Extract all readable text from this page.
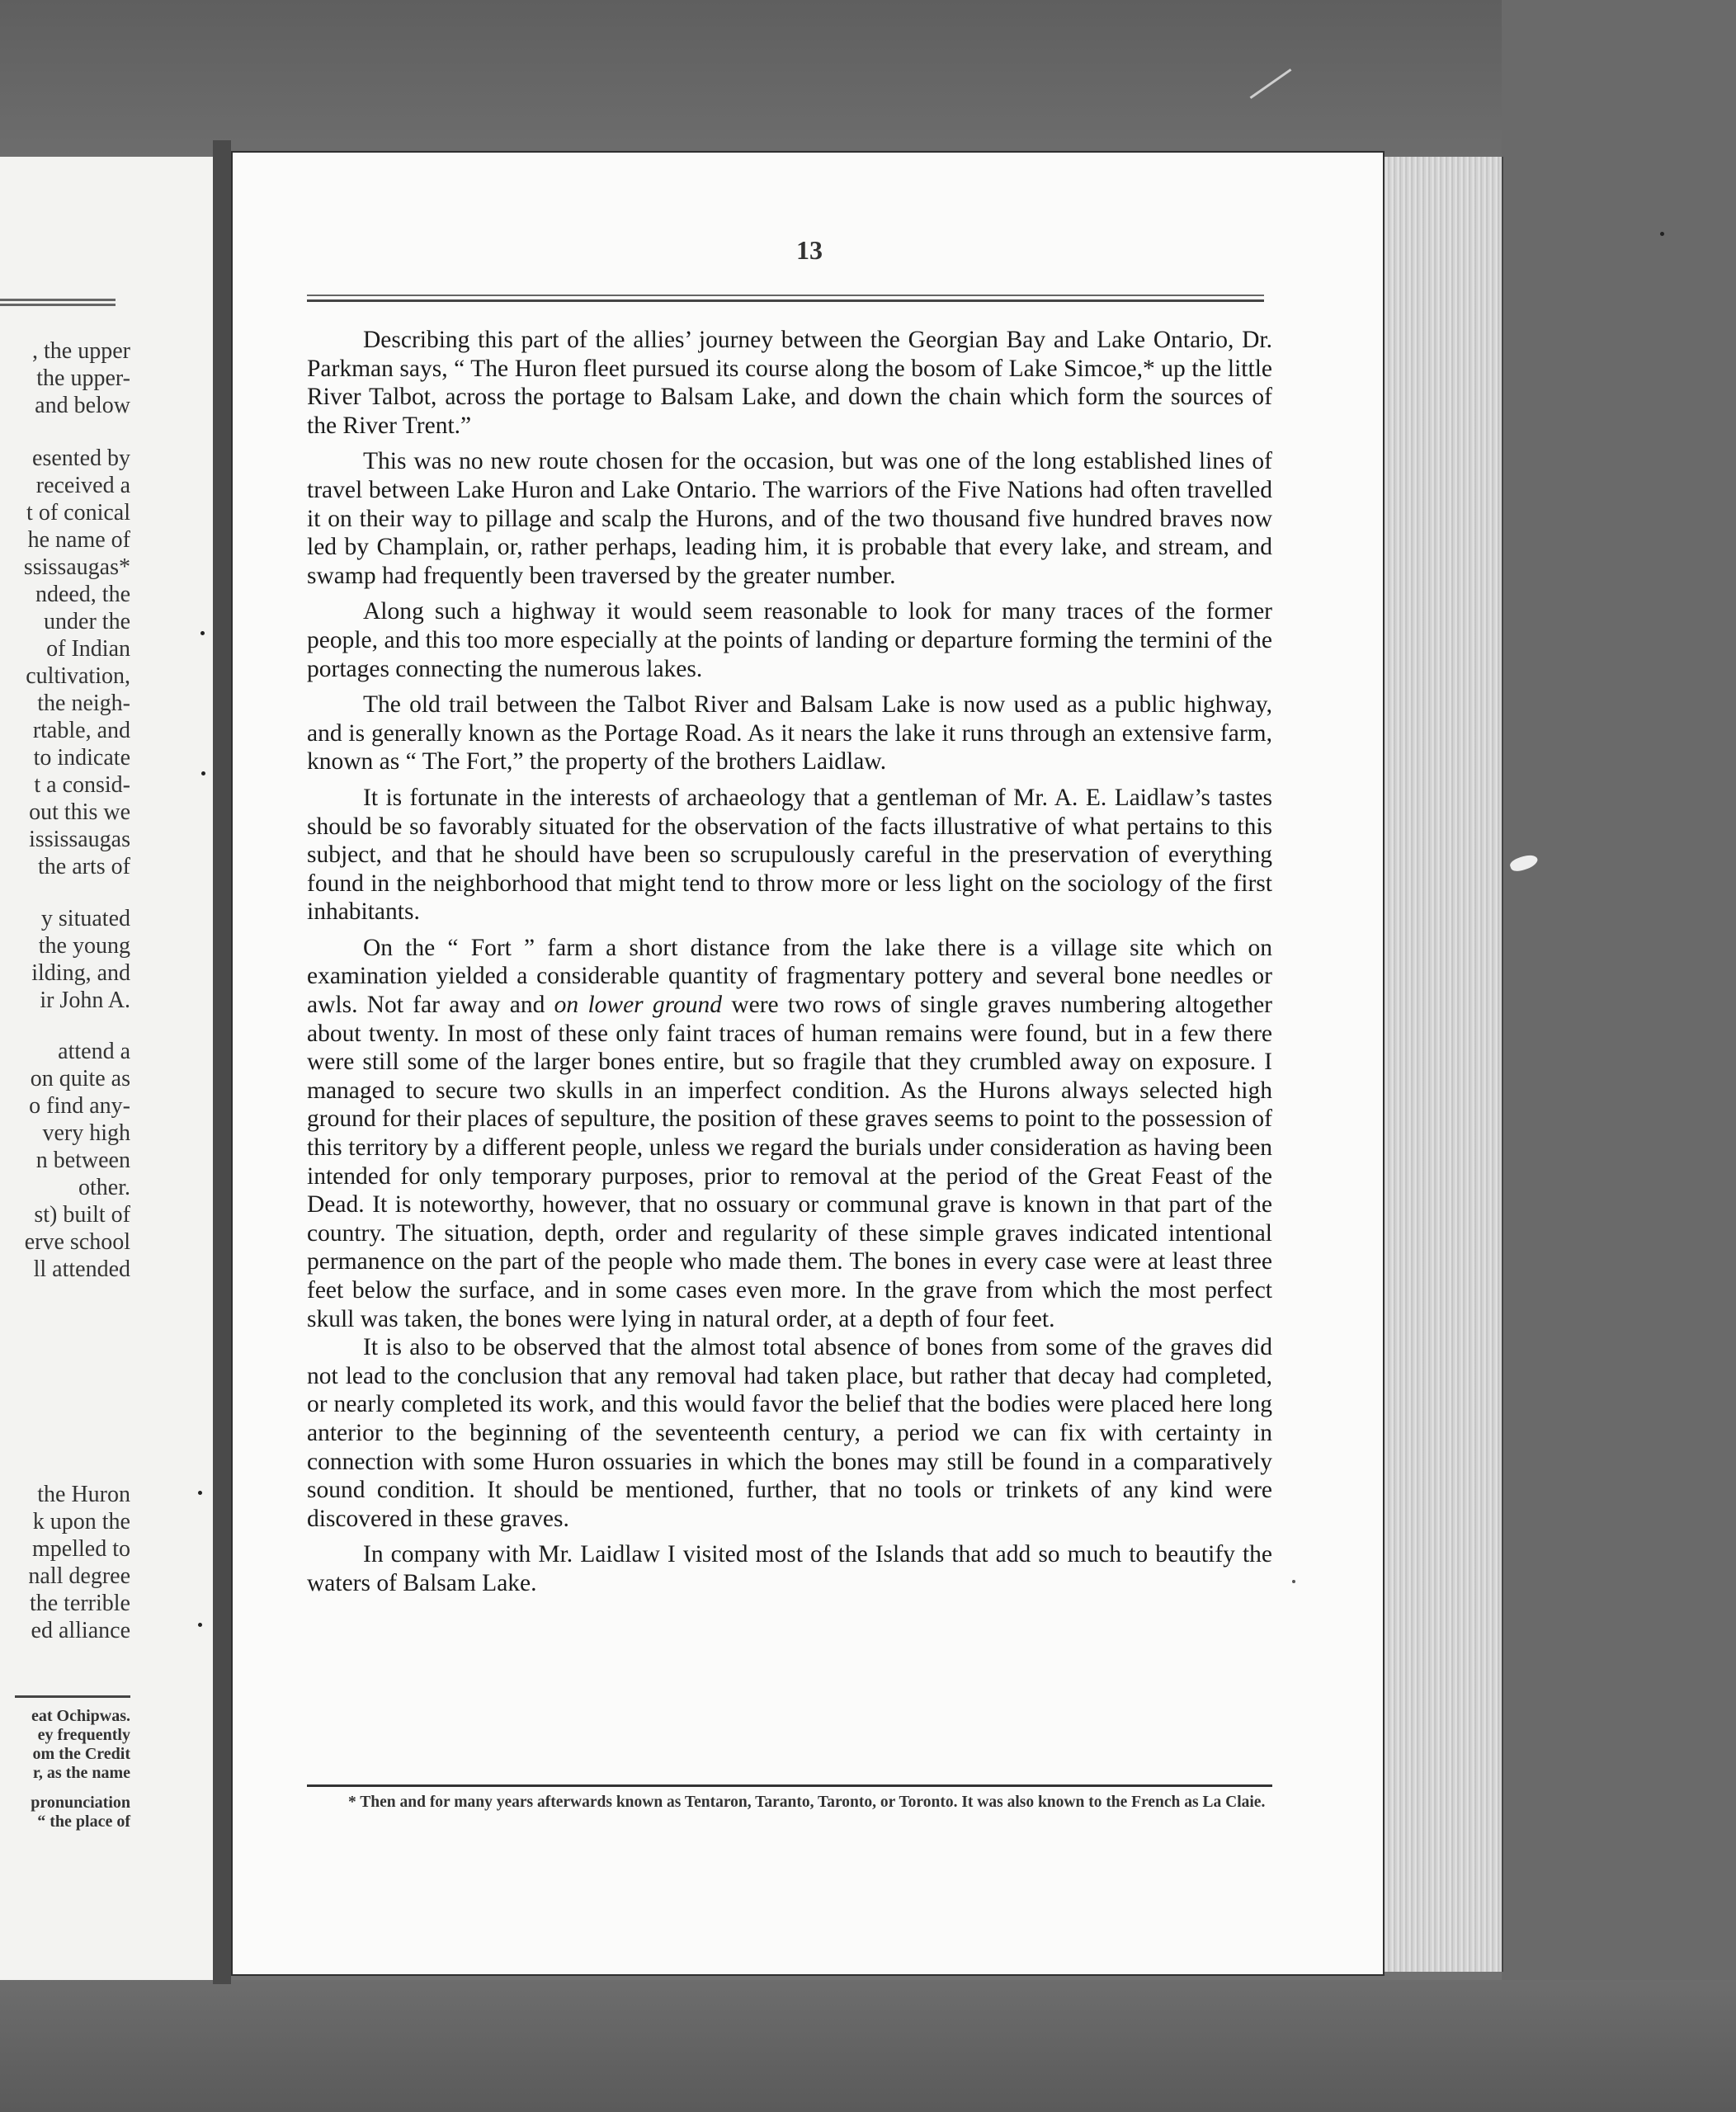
, the upper
the upper-
and below
esented by
received a
t of conical
he name of
ssissaugas*
ndeed, the
under the
of Indian
cultivation,
the neigh-
rtable, and
to indicate
t a consid-
out this we
ississaugas
the arts of
y situated
the young
ilding, and
ir John A.
attend a
on quite as
o find any-
very high
n between
other.
st) built of
erve school
ll attended
the Huron
k upon the
mpelled to
nall degree
the terrible
ed alliance
eat Ochipwas.
ey frequently
om the Credit
r, as the name
pronunciation
“ the place of
13

Describing this part of the allies’ journey between the Georgian Bay and Lake Ontario, Dr. Parkman says, “ The Huron fleet pursued its course along the bosom of Lake Simcoe,* up the little River Talbot, across the portage to Balsam Lake, and down the chain which form the sources of the River Trent.”

This was no new route chosen for the occasion, but was one of the long established lines of travel between Lake Huron and Lake Ontario. The warriors of the Five Nations had often travelled it on their way to pillage and scalp the Hurons, and of the two thousand five hundred braves now led by Champlain, or, rather perhaps, leading him, it is probable that every lake, and stream, and swamp had frequently been traversed by the greater number.

Along such a highway it would seem reasonable to look for many traces of the former people, and this too more especially at the points of landing or departure forming the termini of the portages connecting the numerous lakes.

The old trail between the Talbot River and Balsam Lake is now used as a public highway, and is generally known as the Portage Road. As it nears the lake it runs through an extensive farm, known as “ The Fort,” the property of the brothers Laidlaw.

It is fortunate in the interests of archaeology that a gentleman of Mr. A. E. Laidlaw’s tastes should be so favorably situated for the observation of the facts illustrative of what pertains to this subject, and that he should have been so scrupulously careful in the preservation of everything found in the neighborhood that might tend to throw more or less light on the sociology of the first inhabitants.

On the “ Fort ” farm a short distance from the lake there is a village site which on examination yielded a considerable quantity of fragmentary pottery and several bone needles or awls. Not far away and on lower ground were two rows of single graves numbering altogether about twenty. In most of these only faint traces of human remains were found, but in a few there were still some of the larger bones entire, but so fragile that they crumbled away on exposure. I managed to secure two skulls in an imperfect condition. As the Hurons always selected high ground for their places of sepulture, the position of these graves seems to point to the possession of this territory by a different people, unless we regard the burials under consideration as having been intended for only temporary purposes, prior to removal at the period of the Great Feast of the Dead. It is noteworthy, however, that no ossuary or communal grave is known in that part of the country. The situation, depth, order and regularity of these simple graves indicated intentional permanence on the part of the people who made them. The bones in every case were at least three feet below the surface, and in some cases even more. In the grave from which the most perfect skull was taken, the bones were lying in natural order, at a depth of four feet.

It is also to be observed that the almost total absence of bones from some of the graves did not lead to the conclusion that any removal had taken place, but rather that decay had completed, or nearly completed its work, and this would favor the belief that the bodies were placed here long anterior to the beginning of the seventeenth century, a period we can fix with certainty in connection with some Huron ossuaries in which the bones may still be found in a comparatively sound condition. It should be mentioned, further, that no tools or trinkets of any kind were discovered in these graves.

In company with Mr. Laidlaw I visited most of the Islands that add so much to beautify the waters of Balsam Lake.

* Then and for many years afterwards known as Tentaron, Taranto, Taronto, or Toronto. It was also known to the French as La Claie.
